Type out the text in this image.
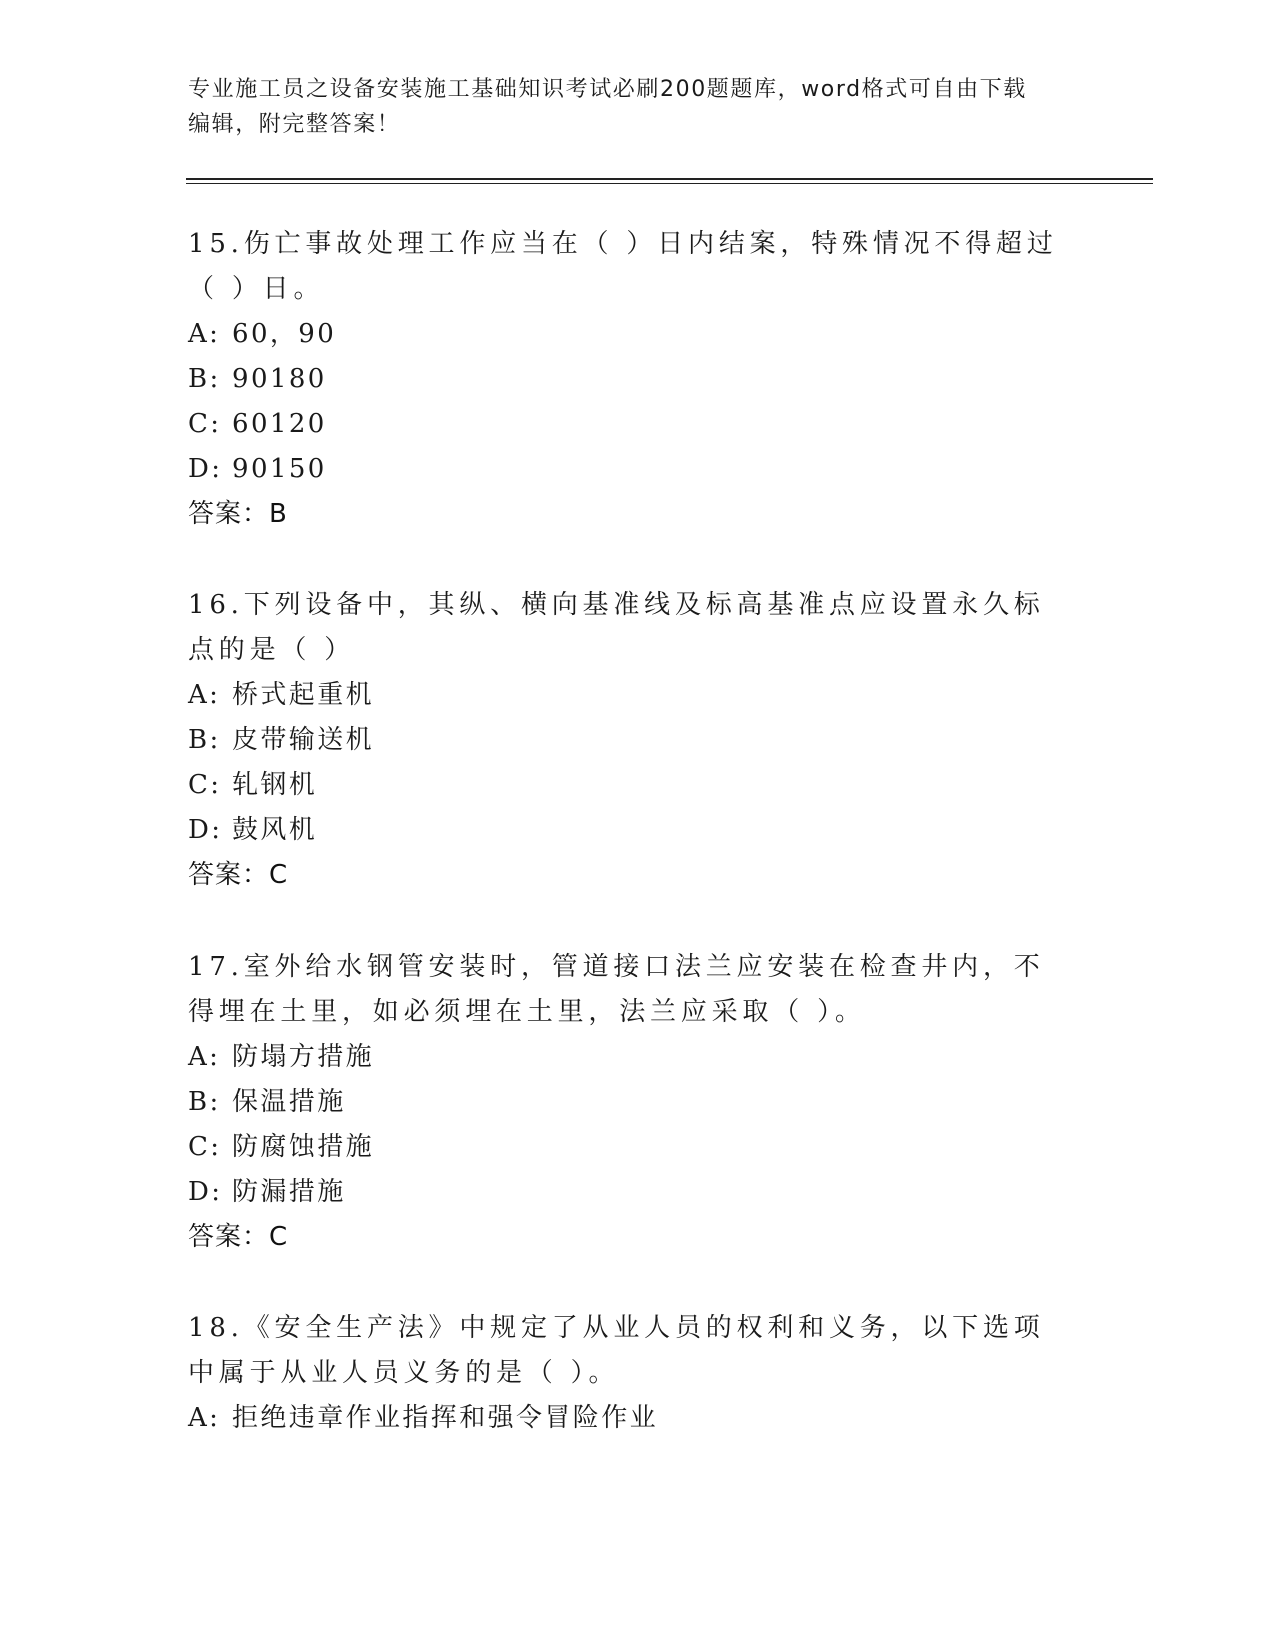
专业施工员之设备安装施工基础知识考试必刷200题题库，word格式可自由下载
编辑，附完整答案！
15.伤亡事故处理工作应当在（ ）日内结案，特殊情况不得超过（ ）日。
A: 60，90
B: 90180
C: 60120
D: 90150
答案：B
16.下列设备中，其纵、横向基准线及标高基准点应设置永久标点的是（ ）
A: 桥式起重机
B: 皮带输送机
C: 轧钢机
D: 鼓风机
答案：C
17.室外给水钢管安装时，管道接口法兰应安装在检查井内，不得埋在土里，如必须埋在土里，法兰应采取（ ）。
A: 防塌方措施
B: 保温措施
C: 防腐蚀措施
D: 防漏措施
答案：C
18.《安全生产法》中规定了从业人员的权利和义务，以下选项中属于从业人员义务的是（ ）。
A: 拒绝违章作业指挥和强令冒险作业
